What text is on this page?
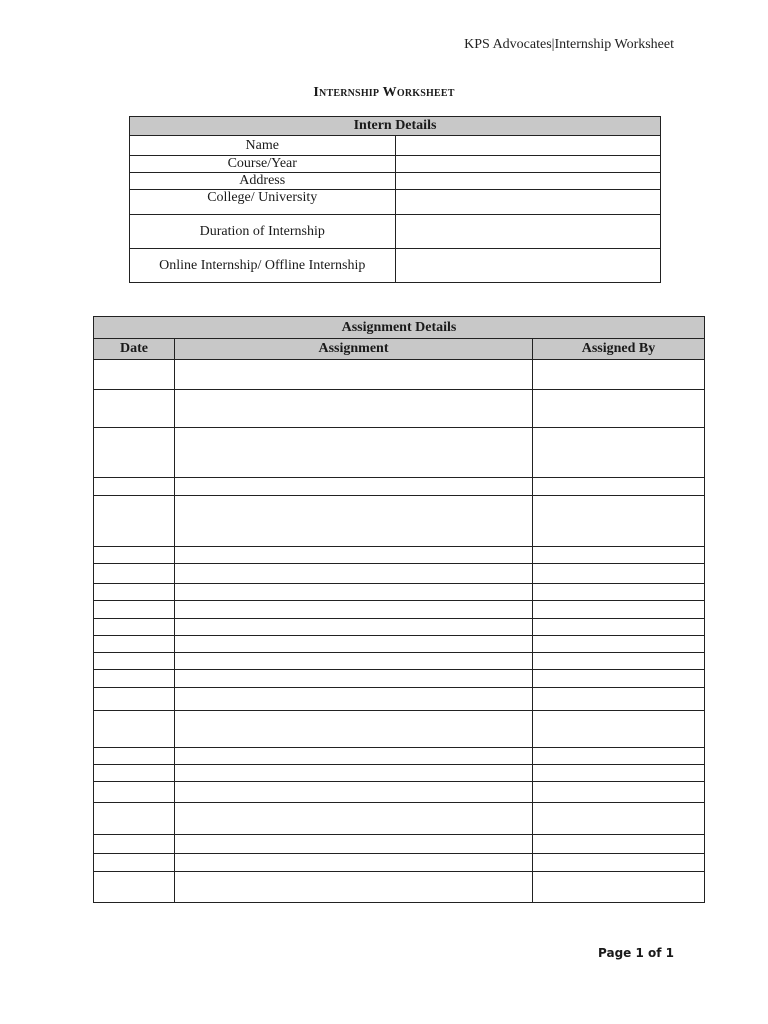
KPS Advocates|Internship Worksheet
Internship Worksheet
Intern Details	
Name	
Course/Year	
Address	
College/ University	
Duration of Internship	
Online Internship/ Offline Internship	
Assignment Details		
Date	Assignment	Assigned By

Page 1 of 1
